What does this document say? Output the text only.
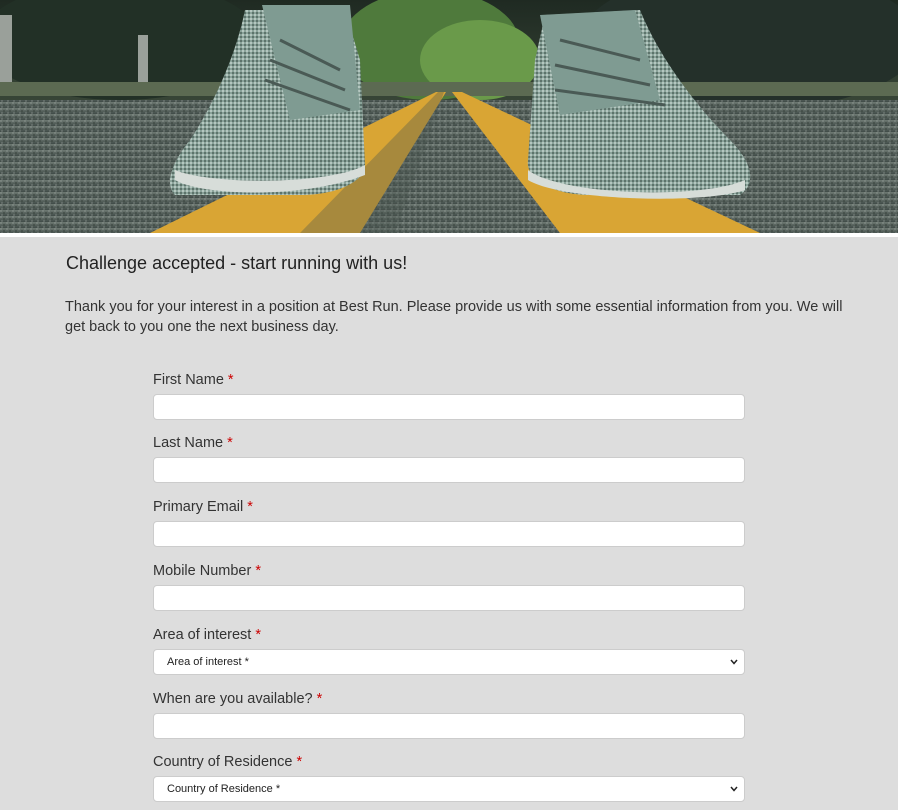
Challenge accepted - start running with us!

Thank you for your interest in a position at Best Run. Please provide us with some essential information from you. We will get back to you one the next business day.

First Name *
Last Name *
Primary Email *
Mobile Number *
Area of interest *
Area of interest *
When are you available? *
Country of Residence *
Country of Residence *
